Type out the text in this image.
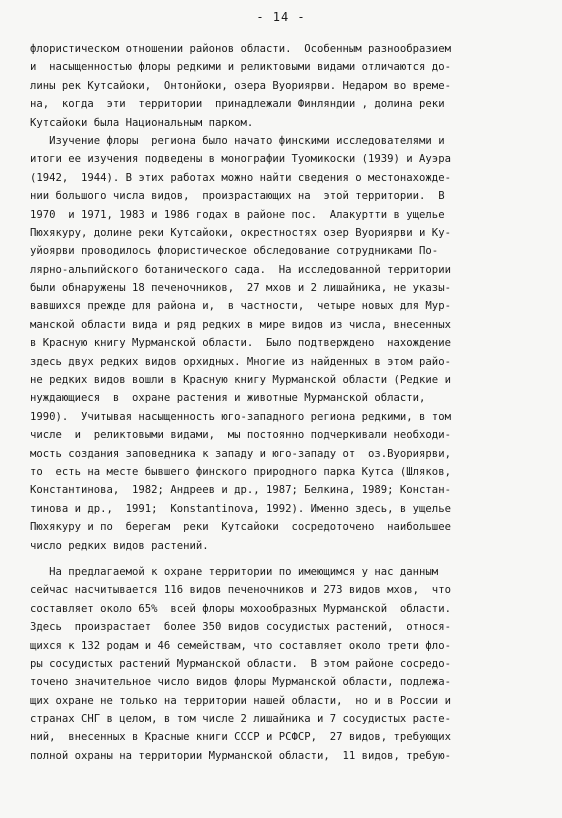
- 14 -
флористическом отношении районов области.  Особенным разнообразием
и  насыщенностью флоры редкими и реликтовыми видами отличаются до-
лины рек Кутсайоки,  Онтонйоки, озера Вуориярви. Недаром во време-
на,  когда  эти  территории  принадлежали Финляндии , долина реки
Кутсайоки была Национальным парком.
Изучение флоры  региона было начато финскими исследователями и
итоги ее изучения подведены в монографии Туомикоски (1939) и Ауэра
(1942,  1944). В этих работах можно найти сведения о местонахожде-
нии большого числа видов,  произрастающих на  этой территории.  В
1970  и 1971, 1983 и 1986 годах в районе пос.  Алакуртти в ущелье
Пюхякуру, долине реки Кутсайоки, окрестностях озер Вуориярви и Ку-
уйоярви проводилось флористическое обследование сотрудниками По-
лярно-альпийского ботанического сада.  На исследованной территории
были обнаружены 18 печеночников,  27 мхов и 2 лишайника, не указы-
вавшихся прежде для района и,  в частности,  четыре новых для Мур-
манской области вида и ряд редких в мире видов из числа, внесенных
в Красную книгу Мурманской области.  Было подтверждено  нахождение
здесь двух редких видов орхидных. Многие из найденных в этом райо-
не редких видов вошли в Красную книгу Мурманской области (Редкие и
нуждающиеся  в  охране растения и животные Мурманской области,
1990).  Учитывая насыщенность юго-западного региона редкими, в том
числе  и  реликтовыми видами,  мы постоянно подчеркивали необходи-
мость создания заповедника к западу и юго-западу от  оз.Вуориярви,
то  есть на месте бывшего финского природного парка Кутса (Шляков,
Константинова,  1982; Андреев и др., 1987; Белкина, 1989; Констан-
тинова и др.,  1991;  Konstantinova, 1992). Именно здесь, в ущелье
Пюхякуру и по  берегам  реки  Кутсайоки  сосредоточено  наибольшее
число редких видов растений.
На предлагаемой к охране территории по имеющимся у нас данным
сейчас насчитывается 116 видов печеночников и 273 видов мхов,  что
составляет около 65%  всей флоры мохообразных Мурманской  области.
Здесь  произрастает  более 350 видов сосудистых растений,  относя-
щихся к 132 родам и 46 семействам, что составляет около трети фло-
ры сосудистых растений Мурманской области.  В этом районе сосредо-
точено значительное число видов флоры Мурманской области, подлежа-
щих охране не только на территории нашей области,  но и в России и
странах СНГ в целом, в том числе 2 лишайника и 7 сосудистых расте-
ний,  внесенных в Красные книги СССР и РСФСР,  27 видов, требующих
полной охраны на территории Мурманской области,  11 видов, требую-
